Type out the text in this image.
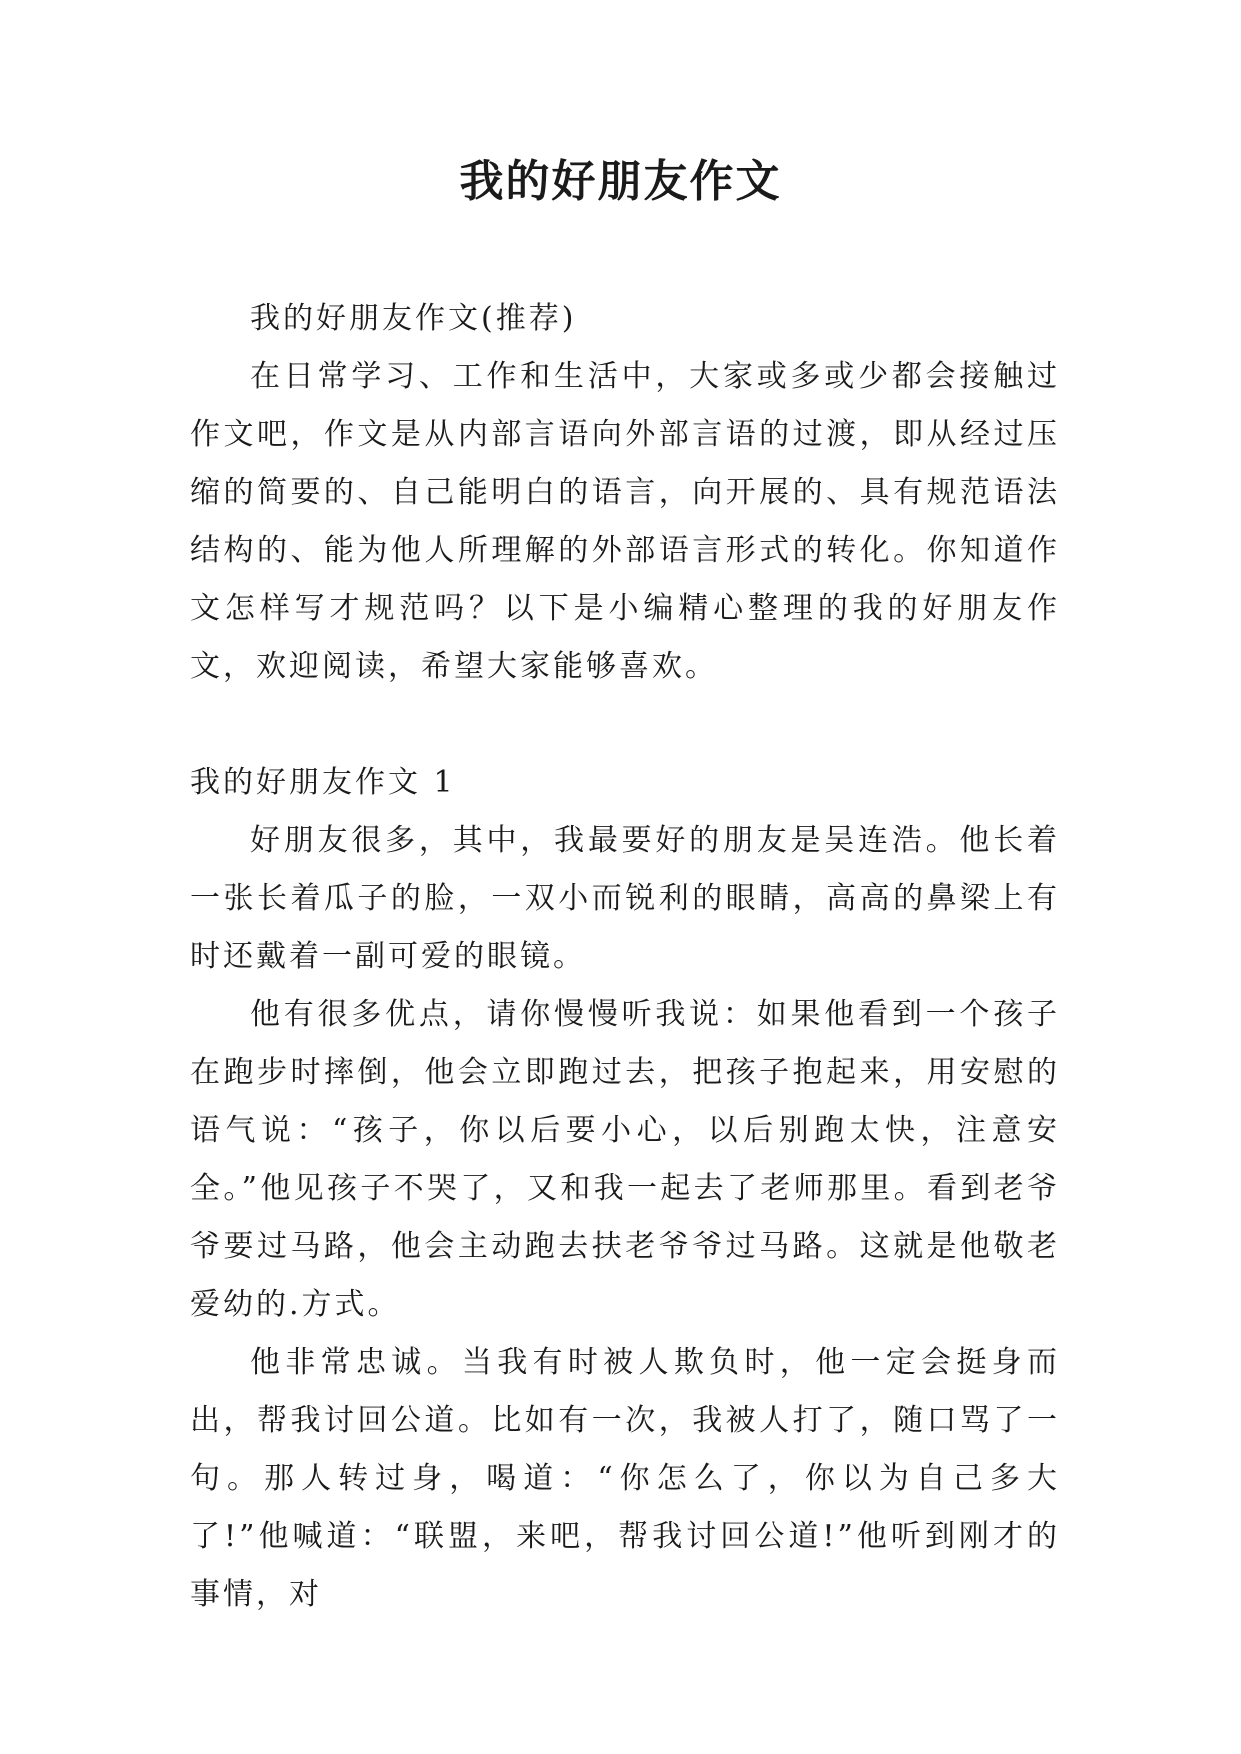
我的好朋友作文

我的好朋友作文(推荐)

在日常学习、工作和生活中，大家或多或少都会接触过作文吧，作文是从内部言语向外部言语的过渡，即从经过压缩的简要的、自己能明白的语言，向开展的、具有规范语法结构的、能为他人所理解的外部语言形式的转化。你知道作文怎样写才规范吗？以下是小编精心整理的我的好朋友作文，欢迎阅读，希望大家能够喜欢。

我的好朋友作文 1

好朋友很多，其中，我最要好的朋友是吴连浩。他长着一张长着瓜子的脸，一双小而锐利的眼睛，高高的鼻梁上有时还戴着一副可爱的眼镜。

他有很多优点，请你慢慢听我说：如果他看到一个孩子在跑步时摔倒，他会立即跑过去，把孩子抱起来，用安慰的语气说：“孩子，你以后要小心，以后别跑太快，注意安全。”他见孩子不哭了，又和我一起去了老师那里。看到老爷爷要过马路，他会主动跑去扶老爷爷过马路。这就是他敬老爱幼的.方式。

他非常忠诚。当我有时被人欺负时，他一定会挺身而出，帮我讨回公道。比如有一次，我被人打了，随口骂了一句。那人转过身，喝道：“你怎么了，你以为自己多大了!”他喊道：“联盟，来吧，帮我讨回公道!”他听到刚才的事情，对
